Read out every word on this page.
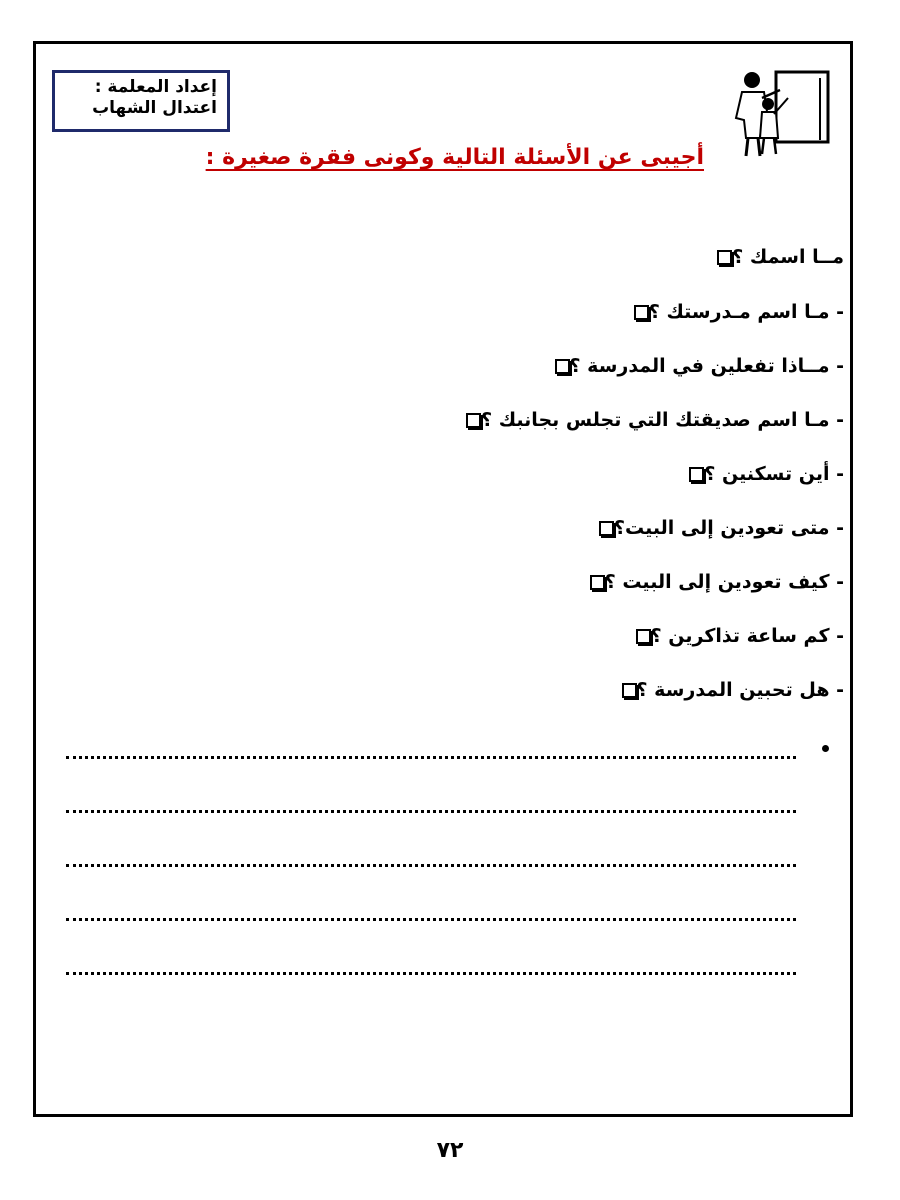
إعداد المعلمة :
اعتدال الشهاب
أجيبى عن الأسئلة التالية وكونى فقرة صغيرة :
مــا اسمك ؟
- مـا اسم مـدرستك ؟
- مــاذا تفعلين في المدرسة ؟
- مـا اسم صديقتك التي تجلس بجانبك ؟
- أين تسكنين ؟
- متى تعودين إلى البيت؟
- كيف تعودين إلى البيت ؟
- كم ساعة تذاكرين ؟
- هل تحبين المدرسة ؟
٧٢
